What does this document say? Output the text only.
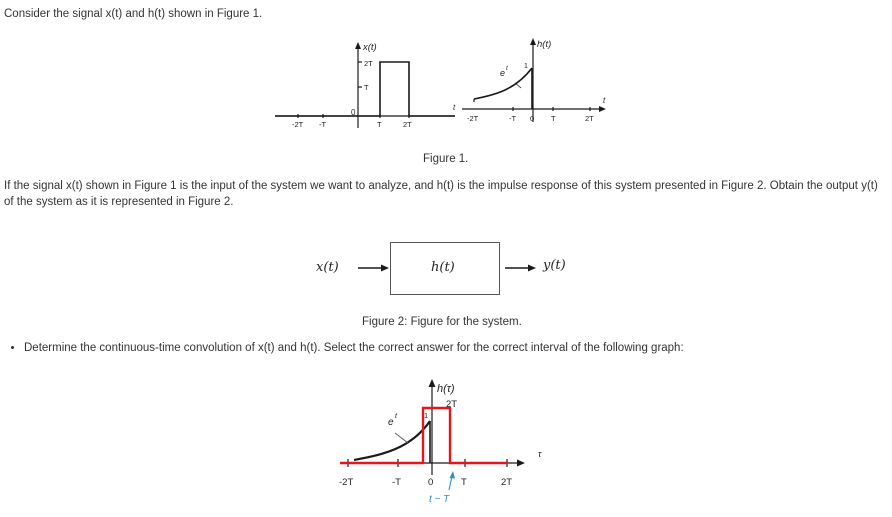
Consider the signal x(t) and h(t) shown in Figure 1.

x(t)
2T
T
-2T -T
0
T	2T
t
h(t)
e t 1
-2T	-T 0 T	2T
t

Figure 1.

If the signal x(t) shown in Figure 1 is the input of the system we want to analyze, and h(t) is the impulse response of this system presented in Figure 2. Obtain the output y(t) of the system as it is represented in Figure 2.

x(t)	h(t)	y(t)

Figure 2: Figure for the system.

• Determine the continuous-time convolution of x(t) and h(t). Select the correct answer for the correct interval of the following graph:
h(τ)
2T
e
t	1
τ
-2T	-T	0	T	2T
t − T
